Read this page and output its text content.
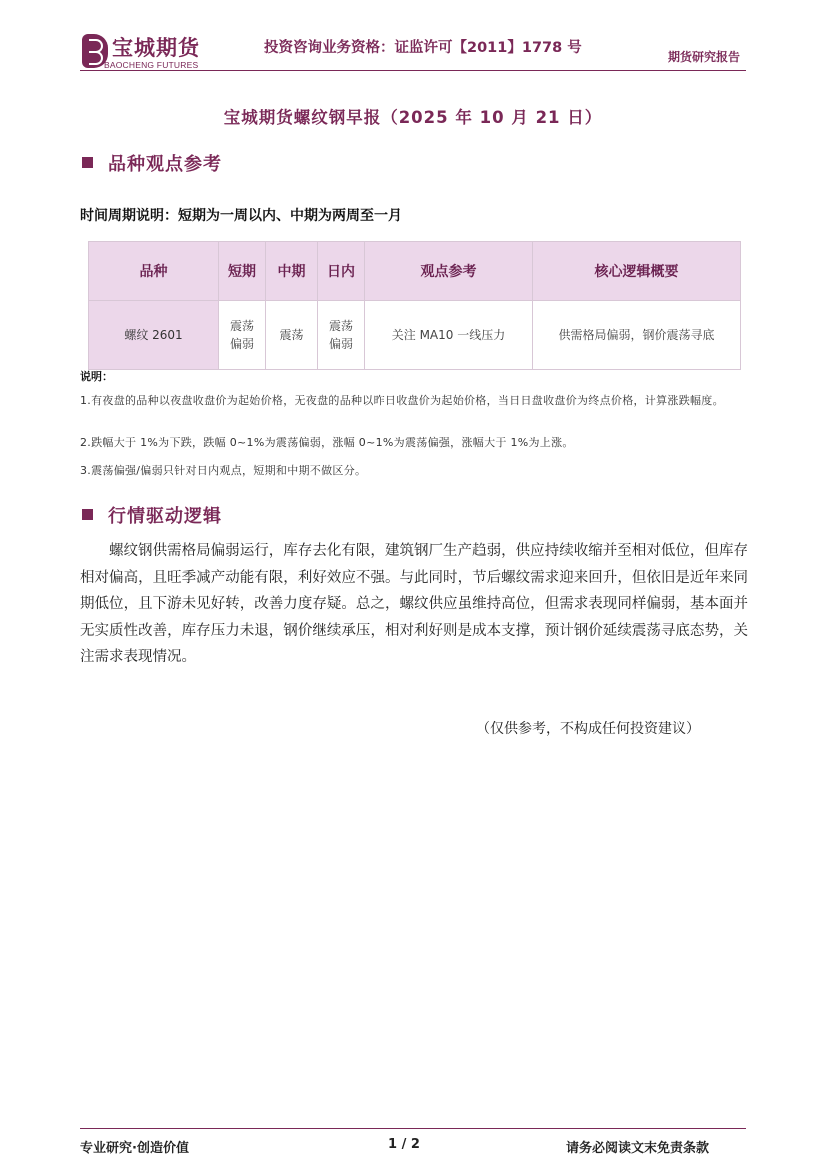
宝城期货
BAOCHENG FUTURES
投资咨询业务资格：证监许可【2011】1778 号
期货研究报告
宝城期货螺纹钢早报（2025 年 10 月 21 日）
品种观点参考
时间周期说明：短期为一周以内、中期为两周至一月
品种	短期	中期	日内	观点参考	核心逻辑概要
螺纹 2601	震荡偏弱	震荡	震荡偏弱	关注 MA10 一线压力	供需格局偏弱，钢价震荡寻底
说明：
1.有夜盘的品种以夜盘收盘价为起始价格，无夜盘的品种以昨日收盘价为起始价格，当日日盘收盘价为终点价格，计算涨跌幅度。
2.跌幅大于 1%为下跌，跌幅 0~1%为震荡偏弱，涨幅 0~1%为震荡偏强，涨幅大于 1%为上涨。
3.震荡偏强/偏弱只针对日内观点，短期和中期不做区分。
行情驱动逻辑
螺纹钢供需格局偏弱运行，库存去化有限，建筑钢厂生产趋弱，供应持续收缩并至相对低位，但库存相对偏高，且旺季减产动能有限，利好效应不强。与此同时，节后螺纹需求迎来回升，但依旧是近年来同期低位，且下游未见好转，改善力度存疑。总之，螺纹供应虽维持高位，但需求表现同样偏弱，基本面并无实质性改善，库存压力未退，钢价继续承压，相对利好则是成本支撑，预计钢价延续震荡寻底态势，关注需求表现情况。
（仅供参考，不构成任何投资建议）
专业研究·创造价值	1 / 2	请务必阅读文末免责条款
